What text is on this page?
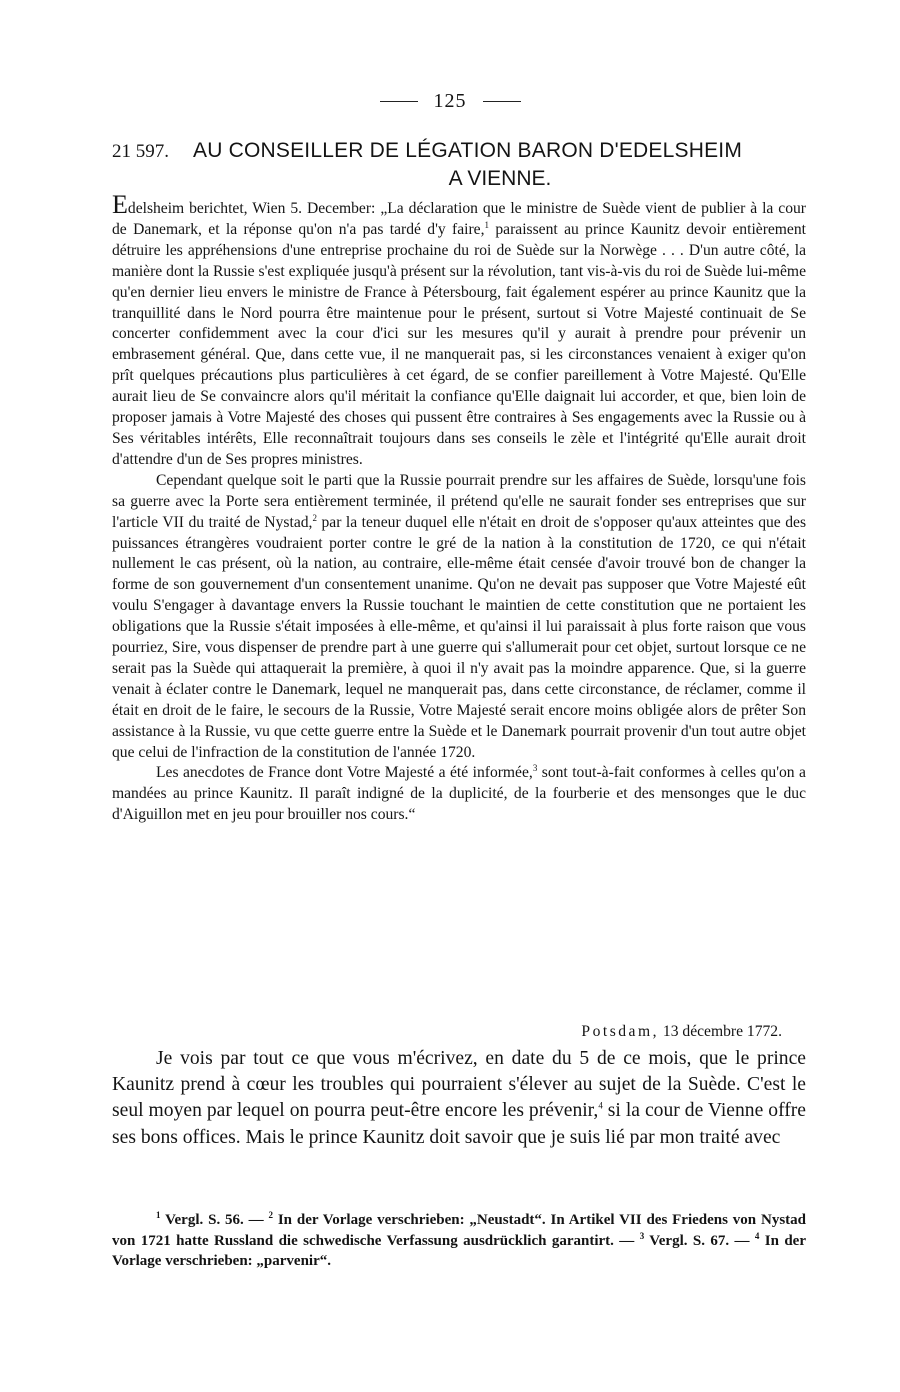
125
21 597. AU CONSEILLER DE LÉGATION BARON D'EDELSHEIM
A VIENNE.

Edelsheim berichtet, Wien 5. December: „La déclaration que le ministre de Suède vient de publier à la cour de Danemark, et la réponse qu'on n'a pas tardé d'y faire,$^1$ paraissent au prince Kaunitz devoir entièrement détruire les appréhensions d'une entreprise prochaine du roi de Suède sur la Norwège . . . D'un autre côté, la manière dont la Russie s'est expliquée jusqu'à présent sur la révolution, tant vis-à-vis du roi de Suède lui-même qu'en dernier lieu envers le ministre de France à Pétersbourg, fait également espérer au prince Kaunitz que la tranquillité dans le Nord pourra être maintenue pour le présent, surtout si Votre Majesté continuait de Se concerter confidemment avec la cour d'ici sur les mesures qu'il y aurait à prendre pour prévenir un embrasement général. Que, dans cette vue, il ne manquerait pas, si les circonstances venaient à exiger qu'on prît quelques précautions plus particulières à cet égard, de se confier pareillement à Votre Majesté. Qu'Elle aurait lieu de Se convaincre alors qu'il méritait la confiance qu'Elle daignait lui accorder, et que, bien loin de proposer jamais à Votre Majesté des choses qui pussent être contraires à Ses engagements avec la Russie ou à Ses véritables intérêts, Elle reconnaîtrait toujours dans ses conseils le zèle et l'intégrité qu'Elle aurait droit d'attendre d'un de Ses propres ministres.

Cependant quelque soit le parti que la Russie pourrait prendre sur les affaires de Suède, lorsqu'une fois sa guerre avec la Porte sera entièrement terminée, il prétend qu'elle ne saurait fonder ses entreprises que sur l'article VII du traité de Nystad,$^2$ par la teneur duquel elle n'était en droit de s'opposer qu'aux atteintes que des puissances étrangères voudraient porter contre le gré de la nation à la constitution de 1720, ce qui n'était nullement le cas présent, où la nation, au contraire, elle-même était censée d'avoir trouvé bon de changer la forme de son gouvernement d'un consentement unanime. Qu'on ne devait pas supposer que Votre Majesté eût voulu S'engager à davantage envers la Russie touchant le maintien de cette constitution que ne portaient les obligations que la Russie s'était imposées à elle-même, et qu'ainsi il lui paraissait à plus forte raison que vous pourriez, Sire, vous dispenser de prendre part à une guerre qui s'allumerait pour cet objet, surtout lorsque ce ne serait pas la Suède qui attaquerait la première, à quoi il n'y avait pas la moindre apparence. Que, si la guerre venait à éclater contre le Danemark, lequel ne manquerait pas, dans cette circonstance, de réclamer, comme il était en droit de le faire, le secours de la Russie, Votre Majesté serait encore moins obligée alors de prêter Son assistance à la Russie, vu que cette guerre entre la Suède et le Danemark pourrait provenir d'un tout autre objet que celui de l'infraction de la constitution de l'année 1720.

Les anecdotes de France dont Votre Majesté a été informée,$^3$ sont tout-à-fait conformes à celles qu'on a mandées au prince Kaunitz. Il paraît indigné de la duplicité, de la fourberie et des mensonges que le duc d'Aiguillon met en jeu pour brouiller nos cours.“

Potsdam, 13 décembre 1772.

Je vois par tout ce que vous m'écrivez, en date du 5 de ce mois, que le prince Kaunitz prend à cœur les troubles qui pourraient s'élever au sujet de la Suède. C'est le seul moyen par lequel on pourra peut-être encore les prévenir,$^4$ si la cour de Vienne offre ses bons offices. Mais le prince Kaunitz doit savoir que je suis lié par mon traité avec

$^1$ Vergl. S. 56. — $^2$ In der Vorlage verschrieben: „Neustadt“. In Artikel VII des Friedens von Nystad von 1721 hatte Russland die schwedische Verfassung ausdrücklich garantirt. — $^3$ Vergl. S. 67. — $^4$ In der Vorlage verschrieben: „parvenir“.
